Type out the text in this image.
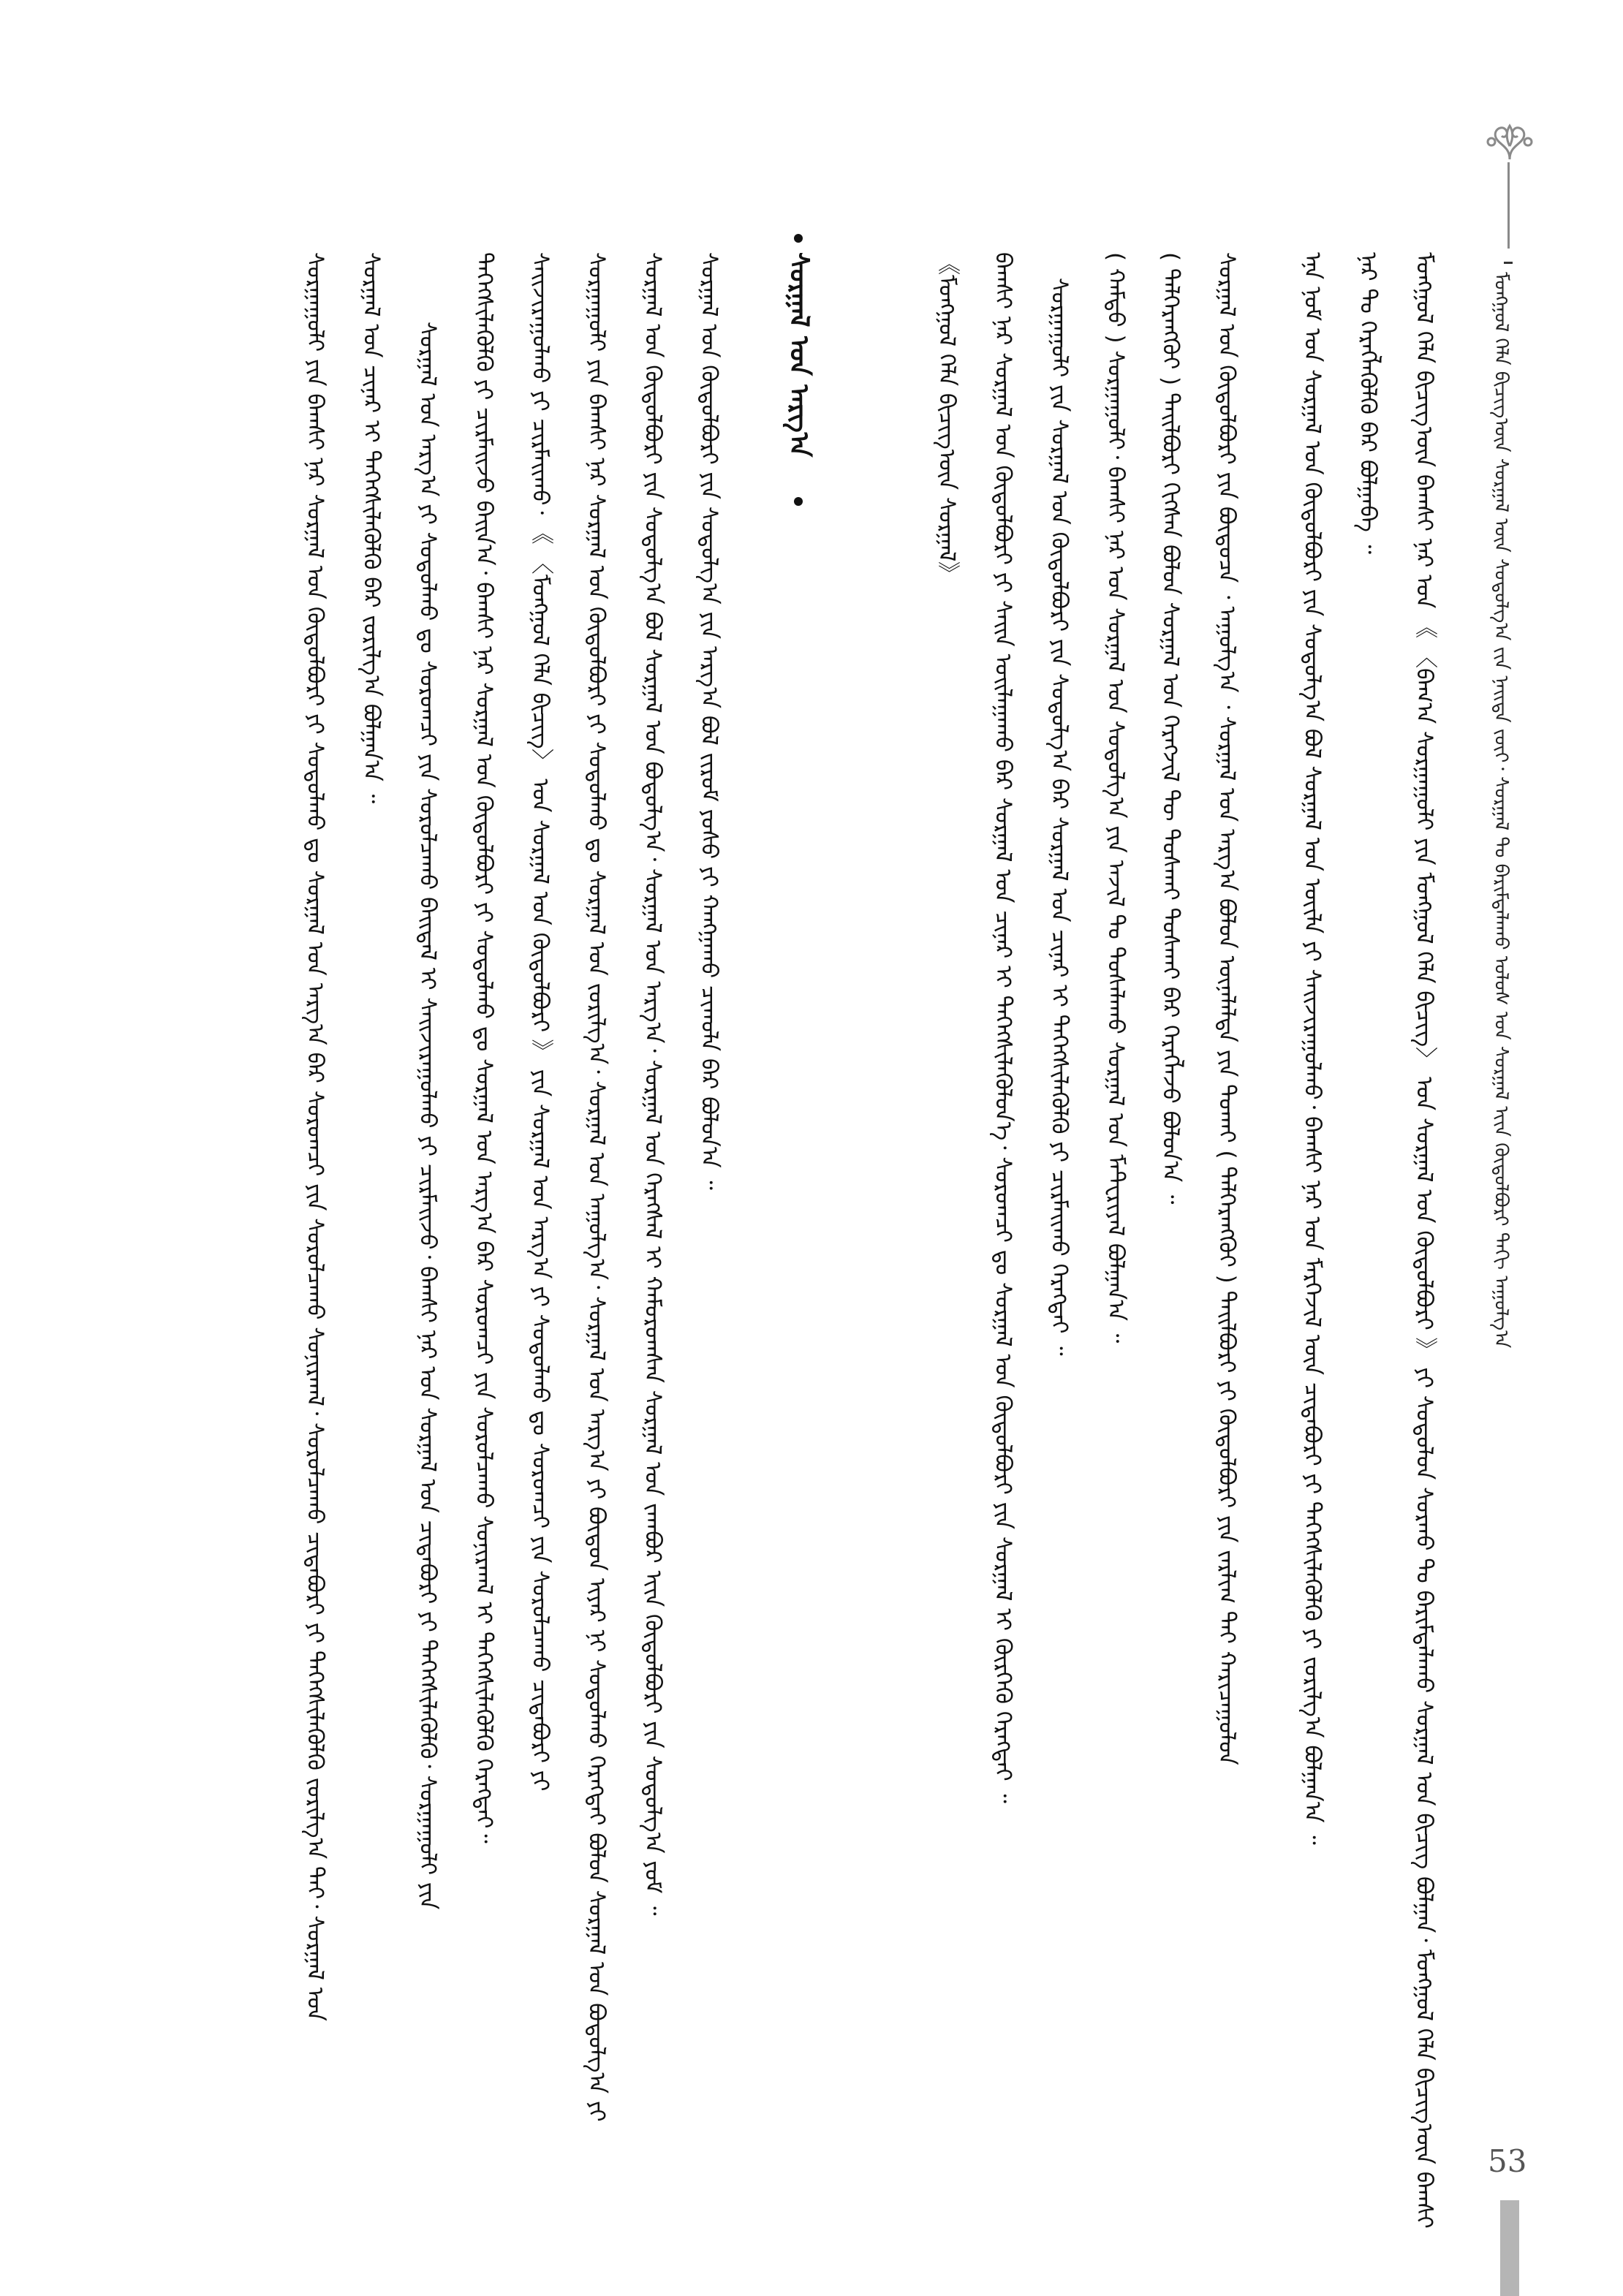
ᠮᠣᠩᠭᠣᠯ ᠬᠡᠯᠡ ᠪᠢᠴᠢᠭ᠎ᠦᠨ ᠰᠤᠷᠭᠠᠯ ᠦᠨ ᠰᠤᠳᠤᠯᠭ᠎ᠠ ᠵᠢᠨ ᠨᠡᠢᠲᠡ ᠵᠦᠢ᠂ ᠰᠤᠷᠭᠠᠯ ᠲᠤ ᠪᠠᠷᠢᠮᠲᠠᠯᠠᠬᠤ ᠤᠯᠤᠰ ᠤᠨ ᠰᠤᠷᠭᠠᠯ ᠢᠢᠨ ᠬᠥᠲᠥᠯᠪᠦᠷᠢ ᠳᠠᠬᠢ ᠠᠭᠤᠯᠭ᠎ᠠ
ᠮᠣᠩᠭᠣᠯ ᠬᠡᠯᠡ ᠪᠢᠴᠢᠭ᠎ᠦᠨ ᠪᠠᠭᠰᠢ ᠨᠠᠷ ᠤᠨ 《 〈ᠪᠠᠭ᠎ᠠ ᠰᠤᠷᠭᠠᠭᠤᠯᠢ ᠶᠢᠨ ᠮᠣᠩᠭᠣᠯ ᠬᠡᠯᠡ ᠪᠢᠴᠢᠭ〉 ᠤᠨ ᠰᠤᠷᠭᠠᠯ ᠤᠨ ᠬᠥᠲᠥᠯᠪᠦᠷᠢ 》 ᠶᠢ ᠰᠤᠳᠤᠯᠤᠨ ᠰᠤᠷᠬᠤ ᠲᠤ ᠪᠠᠷᠢᠮᠲᠠᠯᠠᠬᠤ ᠰᠤᠷᠭᠠᠯ ᠤᠨ ᠪᠢᠴᠢᠭ ᠪᠣᠯᠭᠠᠨ᠂ ᠮᠣᠩᠭᠣᠯ ᠬᠡᠯᠡ ᠪᠢᠴᠢᠭ᠎ᠦᠨ ᠪᠠᠭᠰᠢ
ᠨᠠᠷ ᠲᠤ ᠬᠡᠷᠡᠭᠯᠡᠭᠦᠯᠬᠦ ᠪᠠᠷ ᠪᠣᠯᠭᠠᠪᠠ ᠃
ᠡᠨᠡ ᠨᠣᠮ ᠤᠨ ᠰᠤᠷᠭᠠᠯ ᠤᠨ ᠬᠥᠲᠥᠯᠪᠦᠷᠢ ᠶᠢᠨ ᠰᠤᠳᠤᠯᠭ᠎ᠠ ᠪᠣᠯ ᠰᠤᠷᠭᠠᠯ ᠤᠨ ᠦᠢᠯᠡ ᠶᠢ ᠰᠠᠢᠵᠢᠷᠠᠭᠤᠯᠬᠤ᠂ ᠪᠠᠭᠰᠢ ᠨᠠᠷ ᠤᠨ ᠮᠡᠷᠭᠡᠵᠢᠯ ᠦᠨ ᠴᠢᠳᠠᠪᠤᠷᠢ ᠶᠢ ᠳᠡᠭᠡᠭᠰᠢᠯᠡᠭᠦᠯᠬᠦ ᠶᠢ ᠵᠣᠷᠢᠯᠭ᠎ᠠ ᠪᠣᠯᠭᠠᠨ᠎ᠠ ᠃
ᠰᠤᠷᠭᠠᠯ ᠤᠨ ᠬᠥᠲᠥᠯᠪᠦᠷᠢ ᠶᠢᠨ ᠪᠦᠲᠦᠴᠡ ᠂ ᠠᠭᠤᠯᠭ᠎ᠠ ᠂ ᠰᠤᠷᠭᠠᠯ ᠤᠨ ᠠᠷᠭ᠎ᠠ ᠪᠣᠯᠤᠨ ᠦᠨᠡᠯᠡᠯᠲᠡ ᠶᠢᠨ ᠲᠤᠬᠠᠢ ( ᠳᠡᠯᠭᠡᠷᠡᠩᠭᠦᠢ ) ᠲᠠᠢᠯᠪᠤᠷᠢ ᠶᠢ ᠬᠥᠲᠥᠯᠪᠦᠷᠢ ᠶᠢᠨ ᠵᠠᠷᠯᠢᠭ ᠲᠠᠢ ᠬᠠᠷᠢᠴᠠᠭᠤᠯᠤᠨ
( ᠳᠡᠯᠭᠡᠷᠡᠩᠭᠦᠢ ) ᠲᠠᠢᠯᠪᠤᠷᠢ ᠬᠢᠭᠰᠡᠨ ᠪᠣᠯᠤᠨ ᠰᠤᠷᠭᠠᠯ ᠤᠨ ᠬᠡᠷᠡᠭᠵᠢᠯ ᠲᠦ ᠲᠤᠰᠬᠠᠢ ᠲᠤᠰᠬᠠᠢ ᠪᠠᠷ ᠬᠡᠷᠡᠭᠯᠡᠵᠦ ᠪᠣᠯᠤᠨ᠎ᠠ ᠃
( ᠬᠠᠮᠲᠤ ) ᠰᠤᠷᠭᠠᠭᠤᠯᠢ᠂ ᠪᠠᠭᠰᠢ ᠨᠠᠷ ᠤᠨ ᠰᠤᠷᠭᠠᠯ ᠤᠨ ᠰᠤᠳᠤᠯᠭ᠎ᠠ ᠶᠢᠨ ᠠᠵᠢᠯ ᠲᠤ ᠲᠤᠰᠠᠯᠠᠬᠤ ᠰᠤᠷᠭᠠᠯ ᠤᠨ ᠮᠠᠲᠸᠷᠢᠶᠠᠯ ᠪᠣᠯᠭᠠᠨ᠎ᠠ ᠃
ᠰᠤᠷᠭᠠᠭᠤᠯᠢ ᠶᠢᠨ ᠰᠤᠷᠭᠠᠯ ᠤᠨ ᠬᠥᠲᠥᠯᠪᠦᠷᠢ ᠶᠢᠨ ᠰᠤᠳᠤᠯᠭ᠎ᠠ ᠪᠠᠷ ᠰᠤᠷᠭᠠᠯ ᠤᠨ ᠴᠢᠨᠠᠷ ᠢ ᠳᠡᠭᠡᠭᠰᠢᠯᠡᠭᠦᠯᠬᠦ ᠶᠢ ᠴᠢᠷᠮᠠᠢᠬᠤ ᠬᠡᠷᠡᠭᠲᠡᠢ ᠃
ᠪᠠᠭᠰᠢ ᠨᠠᠷ ᠰᠤᠷᠭᠠᠯ ᠤᠨ ᠬᠥᠲᠥᠯᠪᠦᠷᠢ ᠶᠢ ᠰᠠᠢᠨ ᠣᠢᠯᠠᠭᠠᠬᠤ ᠪᠠᠷ ᠰᠤᠷᠭᠠᠯ ᠤᠨ ᠴᠢᠨᠠᠷ ᠢ ᠳᠡᠭᠡᠭᠰᠢᠯᠡᠭᠦᠯᠦᠨ᠎ᠡ᠂ ᠰᠤᠷᠤᠭᠴᠢ ᠳᠤ ᠰᠤᠷᠭᠠᠯ ᠤᠨ ᠬᠥᠲᠥᠯᠪᠦᠷᠢ ᠶᠢᠨ ᠰᠤᠷᠭᠠᠯ ᠢ ᠬᠦᠷᠭᠡᠬᠦ ᠬᠡᠷᠡᠭᠲᠡᠢ ᠃
《ᠮᠣᠩᠭᠣᠯ ᠬᠡᠯᠡ ᠪᠢᠴᠢᠭ᠎ᠦᠨ ᠰᠤᠷᠭᠠᠯ》
ᠰᠤᠷᠭᠠᠯ ᠤᠨ ᠬᠥᠲᠥᠯᠪᠦᠷᠢ ᠶᠢᠨ ᠰᠤᠳᠤᠯᠭ᠎ᠠ ᠶᠢᠨ ᠠᠷᠭ᠎ᠠ ᠪᠣᠯ ᠵᠢᠷᠤᠮ ᠶᠣᠰᠤ ᠶᠢ ᠬᠠᠩᠭᠠᠬᠤ ᠴᠢᠬᠤᠯᠠ ᠪᠡᠷ ᠪᠣᠯᠤᠨ᠎ᠠ ᠃
ᠰᠤᠷᠭᠠᠯ ᠤᠨ ᠬᠥᠲᠥᠯᠪᠦᠷᠢ ᠶᠢᠨ ᠰᠤᠳᠤᠯᠭ᠎ᠠ ᠪᠣᠯ ᠰᠤᠷᠭᠠᠯ ᠤᠨ ᠪᠣᠳᠤᠯᠭ᠎ᠠ᠂ ᠰᠤᠷᠭᠠᠯ ᠤᠨ ᠠᠷᠭ᠎ᠠ᠂ ᠰᠤᠷᠭᠠᠯ ᠤᠨ ᠬᠡᠷᠡᠭᠰᠡᠯ ᠢ ᠬᠠᠮᠤᠷᠤᠭᠰᠠᠨ ᠰᠤᠷᠭᠠᠯ ᠤᠨ ᠵᠠᠭᠪᠤᠷ ᠢᠢᠨ ᠬᠥᠲᠥᠯᠪᠦᠷᠢ ᠶᠢᠨ ᠰᠤᠳᠤᠯᠭ᠎ᠠ ᠶᠤᠮ ᠃
ᠰᠤᠷᠭᠠᠭᠤᠯᠢ ᠶᠢᠨ ᠪᠠᠭᠰᠢ ᠨᠠᠷ ᠰᠤᠷᠭᠠᠯ ᠤᠨ ᠬᠥᠲᠥᠯᠪᠦᠷᠢ ᠶᠢ ᠰᠤᠳᠤᠯᠬᠤ ᠳᠤ ᠰᠤᠷᠭᠠᠯ ᠤᠨ ᠵᠣᠷᠢᠯᠭ᠎ᠠ᠂ ᠰᠤᠷᠭᠠᠯ ᠤᠨ ᠠᠭᠤᠯᠭ᠎ᠠ᠂ ᠰᠤᠷᠭᠠᠯ ᠤᠨ ᠠᠷᠭ᠎ᠠ ᠶᠢ ᠪᠦᠲᠦᠨ ᠢᠶᠡᠷ ᠨᠢ ᠰᠤᠳᠤᠯᠬᠤ ᠬᠡᠷᠡᠭᠲᠡᠢ ᠪᠣᠯᠤᠨ ᠰᠤᠷᠭᠠᠯ ᠤᠨ ᠪᠣᠳᠤᠯᠭ᠎ᠠ ᠶᠢ
ᠰᠠᠢᠵᠢᠷᠠᠭᠤᠯᠬᠤ ᠶᠢ ᠴᠢᠷᠮᠠᠢᠬᠤ᠂ 《 〈ᠮᠣᠩᠭᠣᠯ ᠬᠡᠯᠡ ᠪᠢᠴᠢᠭ〉 ᠤᠨ ᠰᠤᠷᠭᠠᠯ ᠤᠨ ᠬᠥᠲᠥᠯᠪᠦᠷᠢ 》 ᠶᠢᠨ ᠰᠤᠷᠭᠠᠯ ᠤᠨ ᠠᠷᠭ᠎ᠠ ᠶᠢ ᠰᠤᠳᠤᠯᠬᠤ ᠳᠤ ᠰᠤᠷᠤᠭᠴᠢ ᠶᠢᠨ ᠰᠤᠷᠤᠯᠴᠠᠬᠤ ᠴᠢᠳᠠᠪᠤᠷᠢ ᠶᠢ
ᠳᠡᠭᠡᠭᠰᠢᠯᠡᠭᠦᠯᠬᠦ ᠶᠢ ᠴᠢᠷᠮᠠᠢᠵᠤ ᠪᠠᠢᠨ᠎ᠠ᠂ ᠪᠠᠭᠰᠢ ᠨᠠᠷ ᠰᠤᠷᠭᠠᠯ ᠤᠨ ᠬᠥᠲᠥᠯᠪᠦᠷᠢ ᠶᠢ ᠰᠤᠳᠤᠯᠬᠤ ᠳᠤ ᠰᠤᠷᠭᠠᠯ ᠤᠨ ᠠᠷᠭ᠎ᠠ ᠪᠠᠷ ᠰᠤᠷᠤᠭᠴᠢ ᠶᠢᠨ ᠰᠤᠷᠤᠯᠴᠠᠬᠤ ᠰᠣᠨᠢᠷᠬᠠᠯ ᠢ ᠳᠡᠭᠡᠭᠰᠢᠯᠡᠭᠦᠯᠬᠦ ᠬᠡᠷᠡᠭᠲᠡᠢ᠃
ᠰᠤᠷᠭᠠᠯ ᠤᠨ ᠠᠷᠭ᠎ᠠ ᠶᠢ ᠰᠤᠳᠤᠯᠬᠤ ᠳᠤ ᠰᠤᠷᠤᠭᠴᠢ ᠶᠢᠨ ᠰᠤᠷᠤᠯᠴᠠᠬᠤ ᠪᠠᠢᠳᠠᠯ ᠢ ᠰᠠᠢᠵᠢᠷᠠᠭᠤᠯᠬᠤ ᠶᠢ ᠴᠢᠷᠮᠠᠢᠵᠤ᠂ ᠪᠠᠭᠰᠢ ᠨᠠᠷ ᠤᠨ ᠰᠤᠷᠭᠠᠯ ᠤᠨ ᠴᠢᠳᠠᠪᠤᠷᠢ ᠶᠢ ᠳᠡᠭᠡᠭᠰᠢᠯᠡᠭᠦᠯᠬᠦ᠂ ᠰᠤᠷᠭᠠᠭᠤᠯᠢ ᠶᠢᠨ
ᠰᠤᠷᠭᠠᠯ ᠤᠨ ᠴᠢᠨᠠᠷ ᠢ ᠳᠡᠭᠡᠭᠰᠢᠯᠡᠭᠦᠯᠬᠦ ᠪᠠᠷ ᠵᠣᠷᠢᠯᠭ᠎ᠠ ᠪᠣᠯᠭᠠᠨ᠎ᠠ ᠃
ᠰᠤᠷᠭᠠᠭᠤᠯᠢ ᠶᠢᠨ ᠪᠠᠭᠰᠢ ᠨᠠᠷ ᠰᠤᠷᠭᠠᠯ ᠤᠨ ᠬᠥᠲᠥᠯᠪᠦᠷᠢ ᠶᠢ ᠰᠤᠳᠤᠯᠬᠤ ᠳᠤ ᠰᠤᠷᠭᠠᠯ ᠤᠨ ᠠᠷᠭ᠎ᠠ ᠪᠠᠷ ᠰᠤᠷᠤᠭᠴᠢ ᠶᠢᠨ ᠰᠤᠷᠤᠯᠴᠠᠬᠤ ᠰᠣᠨᠢᠷᠬᠠᠯ᠂ ᠰᠤᠷᠤᠯᠴᠠᠬᠤ ᠴᠢᠳᠠᠪᠤᠷᠢ ᠶᠢ ᠳᠡᠭᠡᠭᠰᠢᠯᠡᠭᠦᠯᠬᠦ ᠵᠣᠷᠢᠯᠭ᠎ᠠ ᠲᠠᠢ᠂ ᠰᠤᠷᠭᠠᠯ ᠤᠨ	ᠰᠤᠷᠭᠠᠯ ᠤᠨ ᠠᠷᠭ᠎ᠠ
53
